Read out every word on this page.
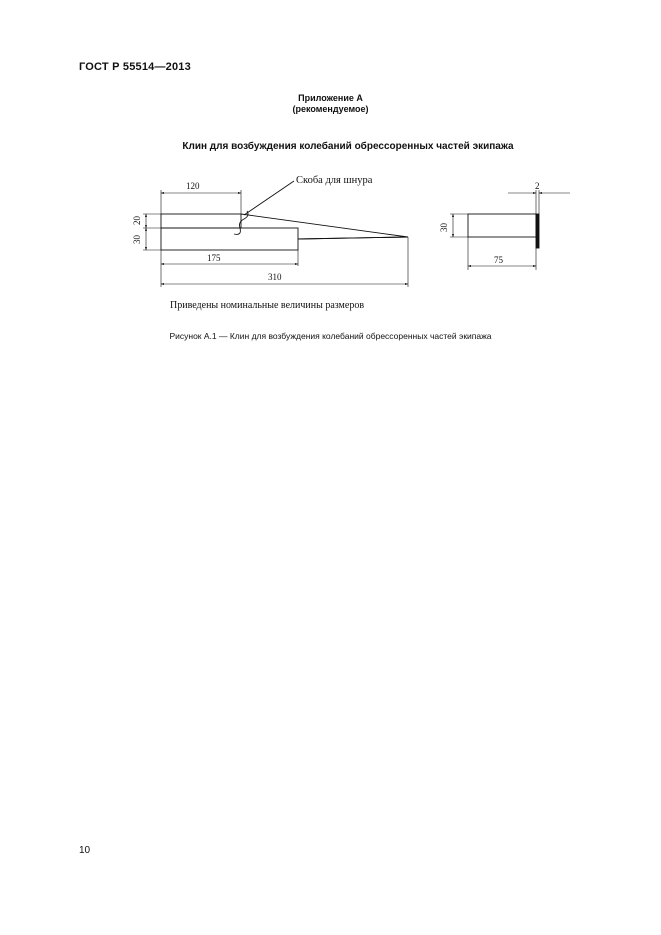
ГОСТ Р 55514—2013
Приложение А
(рекомендуемое)
Клин для возбуждения колебаний обрессоренных частей экипажа
Скоба для шнура
120
20
30
175
310
2
30
75
Приведены номинальные величины размеров
Рисунок А.1 — Клин для возбуждения колебаний обрессоренных частей экипажа
10
